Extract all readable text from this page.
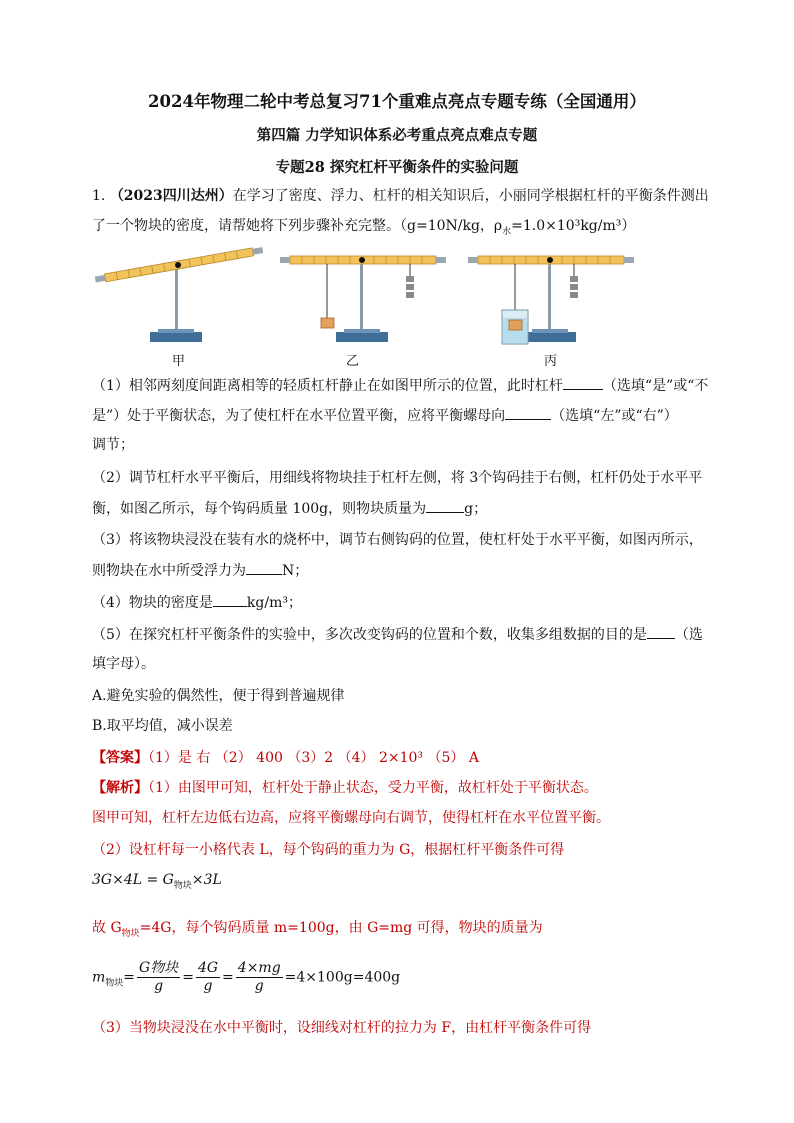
2024年物理二轮中考总复习71个重难点亮点专题专练（全国通用）
第四篇 力学知识体系必考重点亮点难点专题
专题28 探究杠杆平衡条件的实验问题
1. （2023四川达州）在学习了密度、浮力、杠杆的相关知识后，小丽同学根据杠杆的平衡条件测出
了一个物块的密度，请帮她将下列步骤补充完整。（g=10N/kg，$\rho_水=1.0\times 10^3kg/m^3$）
甲	乙	丙
（1）相邻两刻度间距离相等的轻质杠杆静止在如图甲所示的位置，此时杠杆	（选填“是”或“不
是”）处于平衡状态，为了使杠杆在水平位置平衡，应将平衡螺母向	（选填“左”或“右”）
调节；
（2）调节杠杆水平平衡后，用细线将物块挂于杠杆左侧，将 3个钩码挂于右侧，杠杆仍处于水平平
衡，如图乙所示，每个钩码质量 100g，则物块质量为	g；
（3）将该物块浸没在装有水的烧杯中，调节右侧钩码的位置，使杠杆处于水平平衡，如图丙所示，
则物块在水中所受浮力为	N；
（4）物块的密度是 kg/m³；
（5）在探究杠杆平衡条件的实验中，多次改变钩码的位置和个数，收集多组数据的目的是 （选
填字母）。
A.避免实验的偶然性，便于得到普遍规律
B.取平均值，减小误差
【答案】（1）是 右 （2） 400 （3）2 （4） 2×10³ （5） A
【解析】（1）由图甲可知，杠杆处于静止状态，受力平衡，故杠杆处于平衡状态。
图甲可知，杠杆左边低右边高，应将平衡螺母向右调节，使得杠杆在水平位置平衡。
（2）设杠杆每一小格代表 L，每个钩码的重力为 G，根据杠杆平衡条件可得
$3G\times 4L = G_{物块}\times 3L$
故 $G_{物块}=4G$，每个钩码质量 m=100g，由 G=mg 可得，物块的质量为
$m_{物块}= \frac{\text{G物块}}{g} = \frac{4G}{g} = \frac{4\times mg}{g} =4\times 100g=400g$
（3）当物块浸没在水中平衡时，设细线对杠杆的拉力为 F，由杠杆平衡条件可得
